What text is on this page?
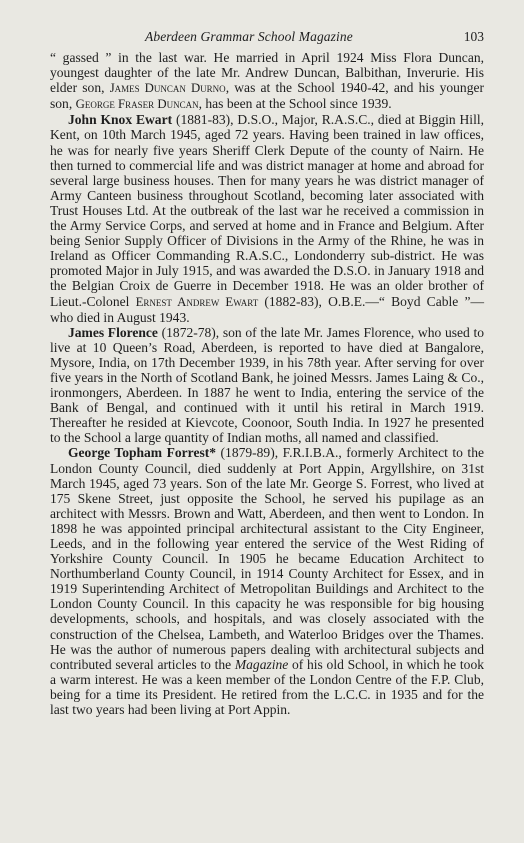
Aberdeen Grammar School Magazine	103

“ gassed ” in the last war. He married in April 1924 Miss Flora Duncan, youngest daughter of the late Mr. Andrew Duncan, Balbithan, Inverurie. His elder son, James Duncan Durno, was at the School 1940-42, and his younger son, George Fraser Duncan, has been at the School since 1939.

John Knox Ewart (1881-83), D.S.O., Major, R.A.S.C., died at Biggin Hill, Kent, on 10th March 1945, aged 72 years. Having been trained in law offices, he was for nearly five years Sheriff Clerk Depute of the county of Nairn. He then turned to commercial life and was district manager at home and abroad for several large business houses. Then for many years he was district manager of Army Canteen business throughout Scotland, becoming later associated with Trust Houses Ltd. At the outbreak of the last war he received a commission in the Army Service Corps, and served at home and in France and Belgium. After being Senior Supply Officer of Divisions in the Army of the Rhine, he was in Ireland as Officer Commanding R.A.S.C., Londonderry sub-district. He was promoted Major in July 1915, and was awarded the D.S.O. in January 1918 and the Belgian Croix de Guerre in December 1918. He was an older brother of Lieut.-Colonel Ernest Andrew Ewart (1882-83), O.B.E.—“ Boyd Cable ”—who died in August 1943.

James Florence (1872-78), son of the late Mr. James Florence, who used to live at 10 Queen’s Road, Aberdeen, is reported to have died at Bangalore, Mysore, India, on 17th December 1939, in his 78th year. After serving for over five years in the North of Scotland Bank, he joined Messrs. James Laing & Co., ironmongers, Aberdeen. In 1887 he went to India, entering the service of the Bank of Bengal, and continued with it until his retiral in March 1919. Thereafter he resided at Kievcote, Coonoor, South India. In 1927 he presented to the School a large quantity of Indian moths, all named and classified.

George Topham Forrest* (1879-89), F.R.I.B.A., formerly Architect to the London County Council, died suddenly at Port Appin, Argyllshire, on 31st March 1945, aged 73 years. Son of the late Mr. George S. Forrest, who lived at 175 Skene Street, just opposite the School, he served his pupilage as an architect with Messrs. Brown and Watt, Aberdeen, and then went to London. In 1898 he was appointed principal architectural assistant to the City Engineer, Leeds, and in the following year entered the service of the West Riding of Yorkshire County Council. In 1905 he became Education Architect to Northumberland County Council, in 1914 County Architect for Essex, and in 1919 Superintending Architect of Metropolitan Buildings and Architect to the London County Council. In this capacity he was responsible for big housing developments, schools, and hospitals, and was closely associated with the construction of the Chelsea, Lambeth, and Waterloo Bridges over the Thames. He was the author of numerous papers dealing with architectural subjects and contributed several articles to the Magazine of his old School, in which he took a warm interest. He was a keen member of the London Centre of the F.P. Club, being for a time its President. He retired from the L.C.C. in 1935 and for the last two years had been living at Port Appin.
